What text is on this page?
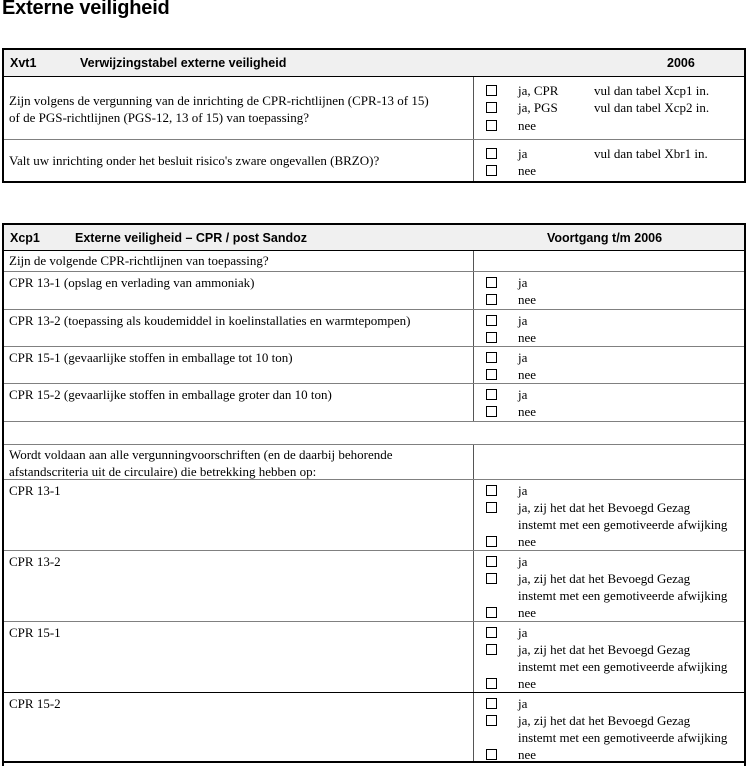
Externe veiligheid
Xvt1	Verwijzingstabel externe veiligheid	2006
Zijn volgens de vergunning van de inrichting de CPR-richtlijnen (CPR-13 of 15)
of de PGS-richtlijnen (PGS-12, 13 of 15) van toepassing?
ja, CPR	vul dan tabel Xcp1 in.
ja, PGS	vul dan tabel Xcp2 in.
nee
Valt uw inrichting onder het besluit risico's zware ongevallen (BRZO)?	ja	vul dan tabel Xbr1 in.
nee
Xcp1	Externe veiligheid – CPR / post Sandoz	Voortgang t/m 2006
Zijn de volgende CPR-richtlijnen van toepassing?
CPR 13-1 (opslag en verlading van ammoniak)	ja
nee
CPR 13-2 (toepassing als koudemiddel in koelinstallaties en warmtepompen)	ja
nee
CPR 15-1 (gevaarlijke stoffen in emballage tot 10 ton)	ja
nee
CPR 15-2 (gevaarlijke stoffen in emballage groter dan 10 ton)	ja
nee
Wordt voldaan aan alle vergunningvoorschriften (en de daarbij behorende
afstandscriteria uit de circulaire) die betrekking hebben op:
CPR 13-1	ja
ja, zij het dat het Bevoegd Gezag
instemt met een gemotiveerde afwijking
nee
CPR 13-2	ja
ja, zij het dat het Bevoegd Gezag
instemt met een gemotiveerde afwijking
nee
CPR 15-1	ja
ja, zij het dat het Bevoegd Gezag
instemt met een gemotiveerde afwijking
nee
CPR 15-2	ja
ja, zij het dat het Bevoegd Gezag
instemt met een gemotiveerde afwijking
nee
